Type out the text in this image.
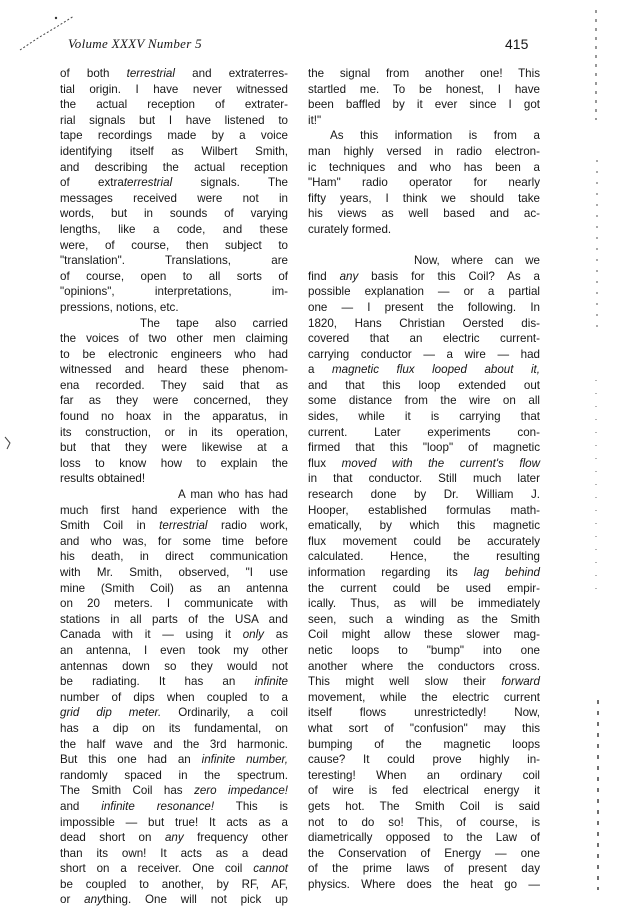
Volume XXXV Number 5	415
of both terrestrial and extraterres-
tial origin. I have never witnessed
the actual reception of extrater-
rial signals but I have listened to
tape recordings made by a voice
identifying itself as Wilbert Smith,
and describing the actual reception
of extraterrestrial signals. The
messages received were not in
words, but in sounds of varying
lengths, like a code, and these
were, of course, then subject to
"translation". Translations, are
of course, open to all sorts of
"opinions", interpretations, im-
pressions, notions, etc.
The tape also carried
the voices of two other men claiming
to be electronic engineers who had
witnessed and heard these phenom-
ena recorded. They said that as
far as they were concerned, they
found no hoax in the apparatus, in
its construction, or in its operation,
but that they were likewise at a
loss to know how to explain the
results obtained!
A man who has had
much first hand experience with the
Smith Coil in terrestrial radio work,
and who was, for some time before
his death, in direct communication
with Mr. Smith, observed, "I use
mine (Smith Coil) as an antenna
on 20 meters. I communicate with
stations in all parts of the USA and
Canada with it — using it only as
an antenna, I even took my other
antennas down so they would not
be radiating. It has an infinite
number of dips when coupled to a
grid dip meter. Ordinarily, a coil
has a dip on its fundamental, on
the half wave and the 3rd harmonic.
But this one had an infinite number,
randomly spaced in the spectrum.
The Smith Coil has zero impedance!
and infinite resonance! This is
impossible — but true! It acts as a
dead short on any frequency other
than its own! It acts as a dead
short on a receiver. One coil cannot
be coupled to another, by RF, AF,
or anything. One will not pick up
the signal from another one! This
startled me. To be honest, I have
been baffled by it ever since I got
it!"
As this information is from a
man highly versed in radio electron-
ic techniques and who has been a
"Ham" radio operator for nearly
fifty years, I think we should take
his views as well based and ac-
curately formed.

Now, where can we
find any basis for this Coil? As a
possible explanation — or a partial
one — I present the following. In
1820, Hans Christian Oersted dis-
covered that an electric current-
carrying conductor — a wire — had
a magnetic flux looped about it,
and that this loop extended out
some distance from the wire on all
sides, while it is carrying that
current. Later experiments con-
firmed that this "loop" of magnetic
flux moved with the current's flow
in that conductor. Still much later
research done by Dr. William J.
Hooper, established formulas math-
ematically, by which this magnetic
flux movement could be accurately
calculated. Hence, the resulting
information regarding its lag behind
the current could be used empir-
ically. Thus, as will be immediately
seen, such a winding as the Smith
Coil might allow these slower mag-
netic loops to "bump" into one
another where the conductors cross.
This might well slow their forward
movement, while the electric current
itself flows unrestrictedly! Now,
what sort of "confusion" may this
bumping of the magnetic loops
cause? It could prove highly in-
teresting! When an ordinary coil
of wire is fed electrical energy it
gets hot. The Smith Coil is said
not to do so! This, of course, is
diametrically opposed to the Law of
the Conservation of Energy — one
of the prime laws of present day
physics. Where does the heat go —
